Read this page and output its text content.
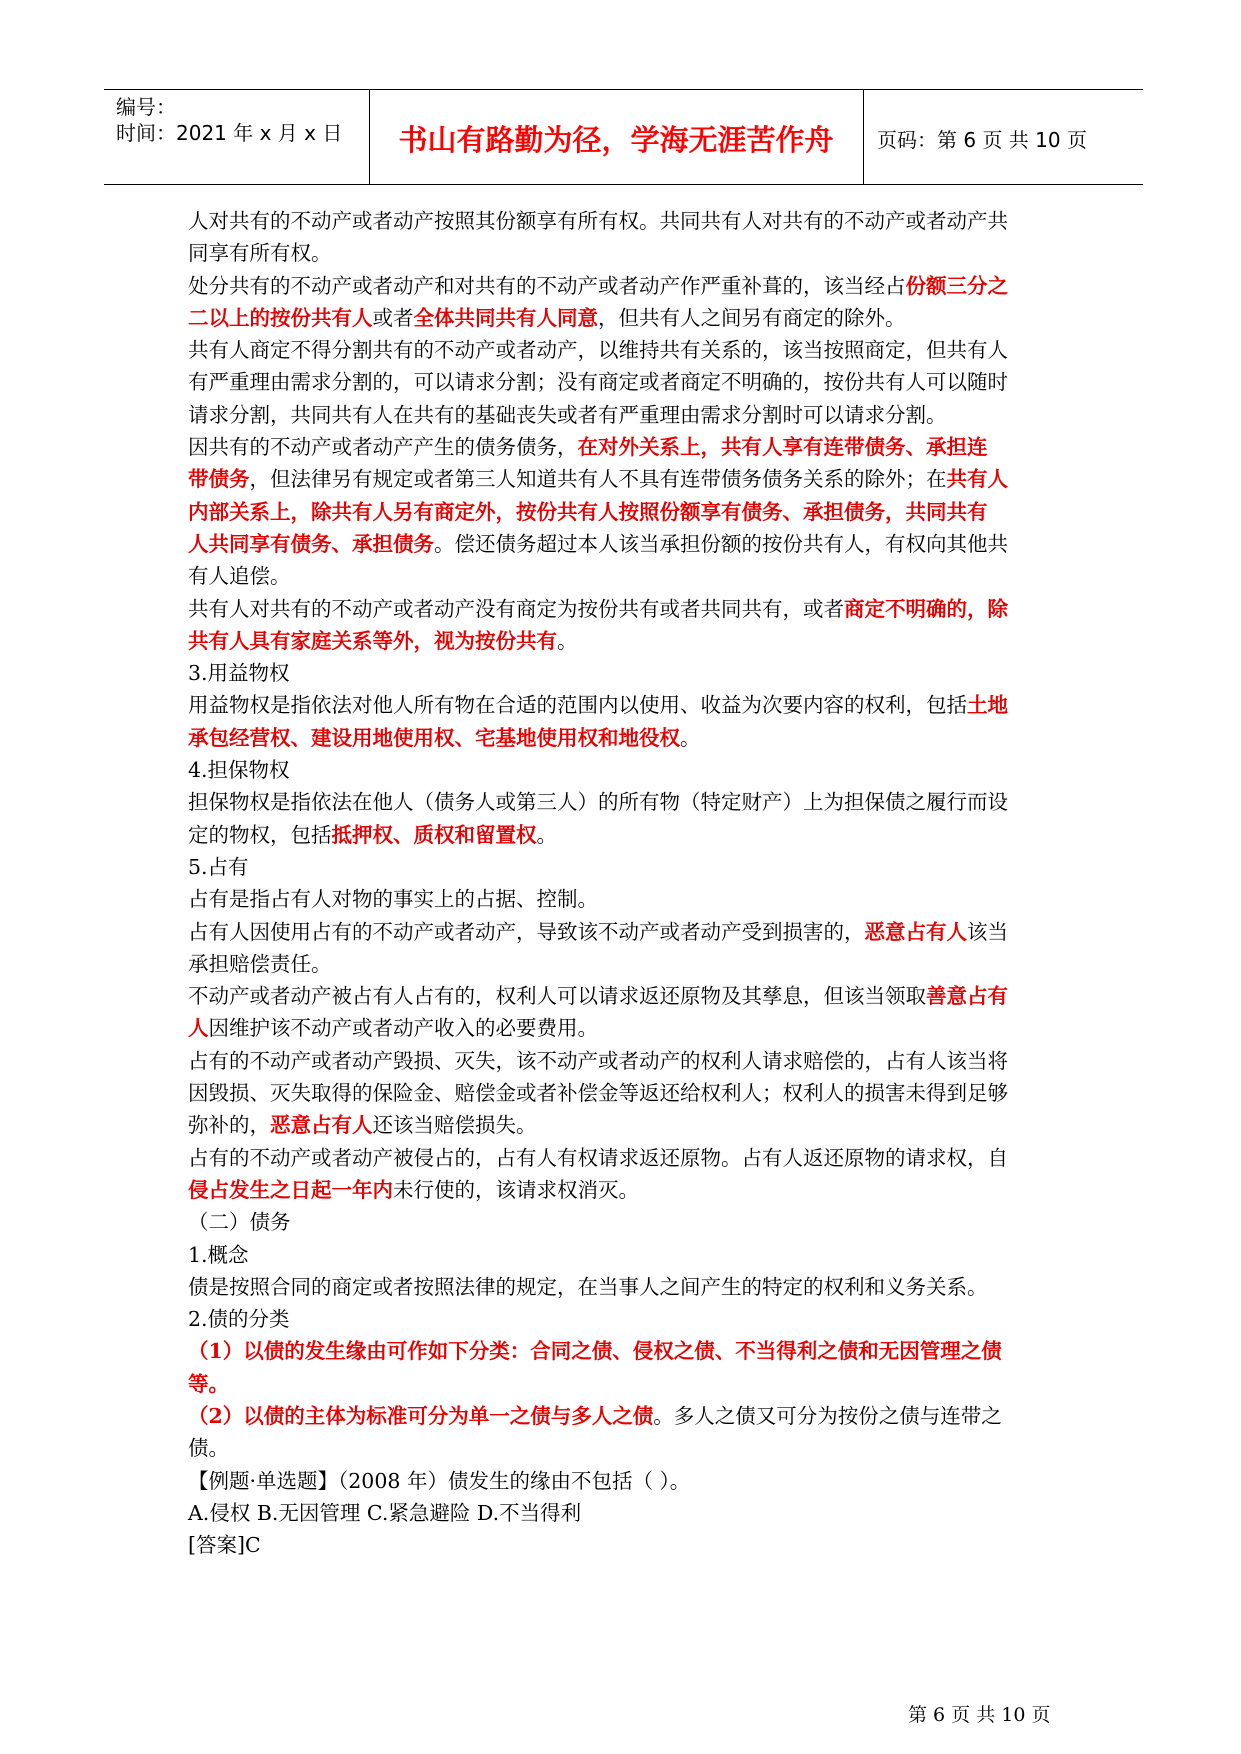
编号：
时间：2021 年 x 月 x 日	书山有路勤为径，学海无涯苦作舟	页码：第 6 页 共 10 页
人对共有的不动产或者动产按照其份额享有所有权。共同共有人对共有的不动产或者动产共
同享有所有权。
处分共有的不动产或者动产和对共有的不动产或者动产作严重补葺的，该当经占份额三分之
二以上的按份共有人或者全体共同共有人同意，但共有人之间另有商定的除外。
共有人商定不得分割共有的不动产或者动产，以维持共有关系的，该当按照商定，但共有人
有严重理由需求分割的，可以请求分割；没有商定或者商定不明确的，按份共有人可以随时
请求分割，共同共有人在共有的基础丧失或者有严重理由需求分割时可以请求分割。
因共有的不动产或者动产产生的债务债务，在对外关系上，共有人享有连带债务、承担连
带债务，但法律另有规定或者第三人知道共有人不具有连带债务债务关系的除外；在共有人
内部关系上，除共有人另有商定外，按份共有人按照份额享有债务、承担债务，共同共有
人共同享有债务、承担债务。偿还债务超过本人该当承担份额的按份共有人，有权向其他共
有人追偿。
共有人对共有的不动产或者动产没有商定为按份共有或者共同共有，或者商定不明确的，除
共有人具有家庭关系等外，视为按份共有。
3.用益物权
用益物权是指依法对他人所有物在合适的范围内以使用、收益为次要内容的权利，包括土地
承包经营权、建设用地使用权、宅基地使用权和地役权。
4.担保物权
担保物权是指依法在他人（债务人或第三人）的所有物（特定财产）上为担保债之履行而设
定的物权，包括抵押权、质权和留置权。
5.占有
占有是指占有人对物的事实上的占据、控制。
占有人因使用占有的不动产或者动产，导致该不动产或者动产受到损害的，恶意占有人该当
承担赔偿责任。
不动产或者动产被占有人占有的，权利人可以请求返还原物及其孳息，但该当领取善意占有
人因维护该不动产或者动产收入的必要费用。
占有的不动产或者动产毁损、灭失，该不动产或者动产的权利人请求赔偿的，占有人该当将
因毁损、灭失取得的保险金、赔偿金或者补偿金等返还给权利人；权利人的损害未得到足够
弥补的，恶意占有人还该当赔偿损失。
占有的不动产或者动产被侵占的，占有人有权请求返还原物。占有人返还原物的请求权，自
侵占发生之日起一年内未行使的，该请求权消灭。
（二）债务
1.概念
债是按照合同的商定或者按照法律的规定，在当事人之间产生的特定的权利和义务关系。
2.债的分类
（1）以债的发生缘由可作如下分类：合同之债、侵权之债、不当得利之债和无因管理之债
等。
（2）以债的主体为标准可分为单一之债与多人之债。多人之债又可分为按份之债与连带之
债。
【例题·单选题】（2008 年）债发生的缘由不包括（ ）。
A.侵权 B.无因管理 C.紧急避险 D.不当得利
[答案]C
第 6 页 共 10 页
